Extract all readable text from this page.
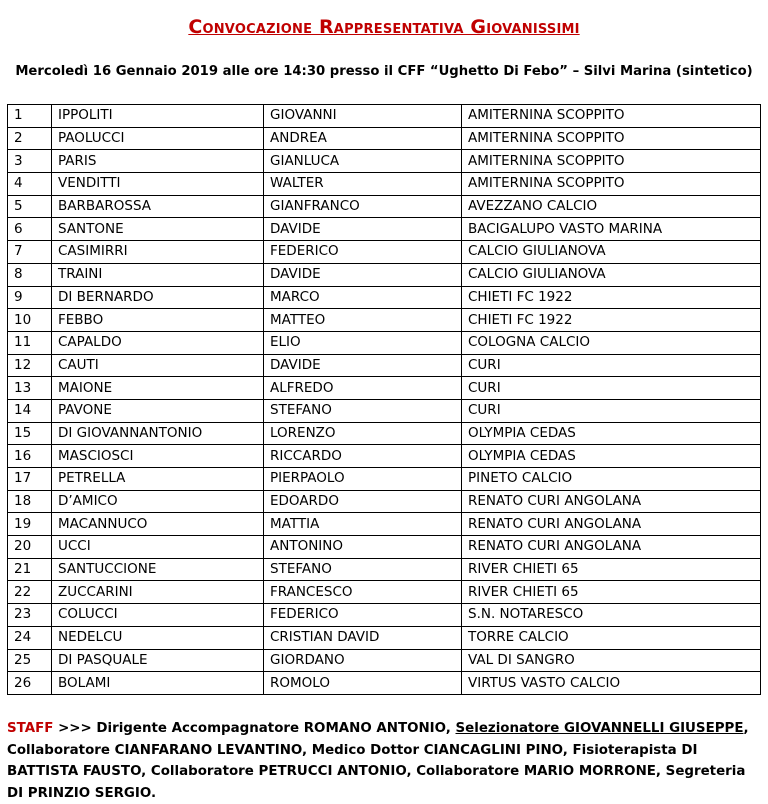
Convocazione Rappresentativa Giovanissimi
Mercoledì 16 Gennaio 2019 alle ore 14:30 presso il CFF “Ughetto Di Febo” – Silvi Marina (sintetico)
1	IPPOLITI	GIOVANNI	AMITERNINA SCOPPITO
2	PAOLUCCI	ANDREA	AMITERNINA SCOPPITO
3	PARIS	GIANLUCA	AMITERNINA SCOPPITO
4	VENDITTI	WALTER	AMITERNINA SCOPPITO
5	BARBAROSSA	GIANFRANCO	AVEZZANO CALCIO
6	SANTONE	DAVIDE	BACIGALUPO VASTO MARINA
7	CASIMIRRI	FEDERICO	CALCIO GIULIANOVA
8	TRAINI	DAVIDE	CALCIO GIULIANOVA
9	DI BERNARDO	MARCO	CHIETI FC 1922
10	FEBBO	MATTEO	CHIETI FC 1922
11	CAPALDO	ELIO	COLOGNA CALCIO
12	CAUTI	DAVIDE	CURI
13	MAIONE	ALFREDO	CURI
14	PAVONE	STEFANO	CURI
15	DI GIOVANNANTONIO	LORENZO	OLYMPIA CEDAS
16	MASCIOSCI	RICCARDO	OLYMPIA CEDAS
17	PETRELLA	PIERPAOLO	PINETO CALCIO
18	D’AMICO	EDOARDO	RENATO CURI ANGOLANA
19	MACANNUCO	MATTIA	RENATO CURI ANGOLANA
20	UCCI	ANTONINO	RENATO CURI ANGOLANA
21	SANTUCCIONE	STEFANO	RIVER CHIETI 65
22	ZUCCARINI	FRANCESCO	RIVER CHIETI 65
23	COLUCCI	FEDERICO	S.N. NOTARESCO
24	NEDELCU	CRISTIAN DAVID	TORRE CALCIO
25	DI PASQUALE	GIORDANO	VAL DI SANGRO
26	BOLAMI	ROMOLO	VIRTUS VASTO CALCIO
STAFF >>> Dirigente Accompagnatore ROMANO ANTONIO, Selezionatore GIOVANNELLI GIUSEPPE, Collaboratore CIANFARANO LEVANTINO, Medico Dottor CIANCAGLINI PINO, Fisioterapista DI BATTISTA FAUSTO, Collaboratore PETRUCCI ANTONIO, Collaboratore MARIO MORRONE, Segreteria DI PRINZIO SERGIO.
